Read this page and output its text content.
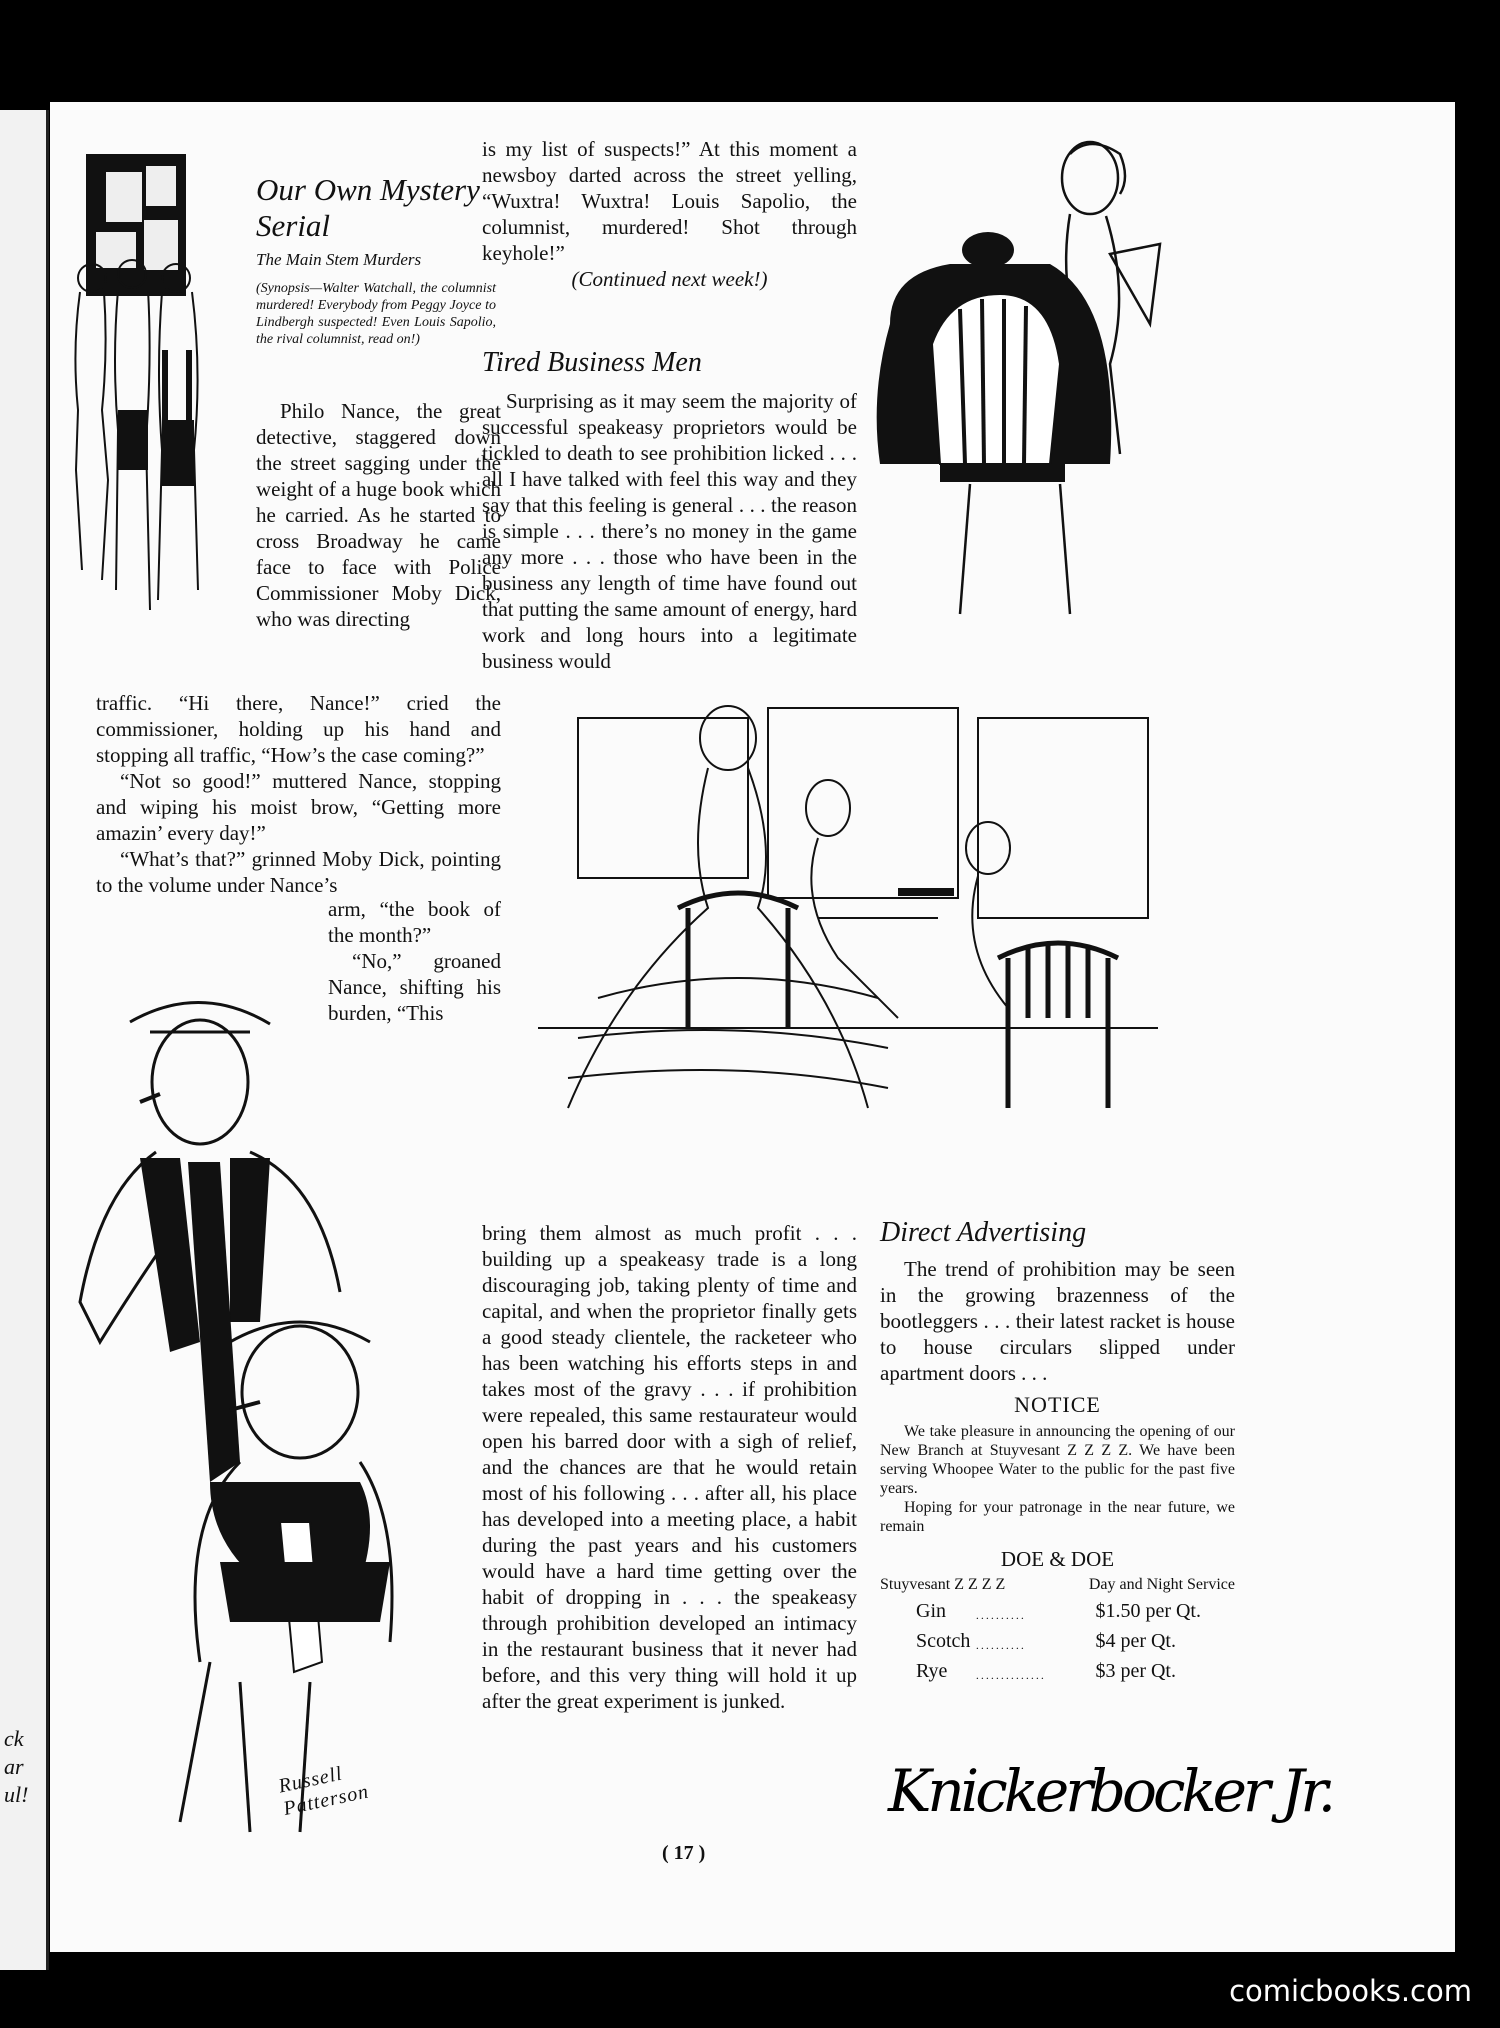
ck
ar
ul!
Our Own Mystery Serial
The Main Stem Murders
(Synopsis—Walter Watchall, the columnist murdered! Everybody from Peggy Joyce to Lindbergh suspected! Even Louis Sapolio, the rival columnist, read on!)

Philo Nance, the great detective, staggered down the street sagging under the weight of a huge book which he carried. As he started to cross Broadway he came face to face with Police Commissioner Moby Dick, who was directing

traffic. “Hi there, Nance!” cried the commissioner, holding up his hand and stopping all traffic, “How’s the case coming?”

“Not so good!” muttered Nance, stopping and wiping his moist brow, “Getting more amazin’ every day!”

“What’s that?” grinned Moby Dick, pointing to the volume under Nance’s

arm, “the book of the month?”

“No,” groaned Nance, shifting his burden, “This

Russell Patterson

is my list of suspects!” At this moment a newsboy darted across the street yelling, “Wuxtra! Wuxtra! Louis Sapolio, the columnist, murdered! Shot through keyhole!”

(Continued next week!)

Tired Business Men

Surprising as it may seem the majority of successful speakeasy proprietors would be tickled to death to see prohibition licked . . . all I have talked with feel this way and they say that this feeling is general . . . the reason is simple . . . there’s no money in the game any more . . . those who have been in the business any length of time have found out that putting the same amount of energy, hard work and long hours into a legitimate business would

bring them almost as much profit . . . building up a speakeasy trade is a long discouraging job, taking plenty of time and capital, and when the proprietor finally gets a good steady clientele, the racketeer who has been watching his efforts steps in and takes most of the gravy . . . if prohibition were repealed, this same restaurateur would open his barred door with a sigh of relief, and the chances are that he would retain most of his following . . . after all, his place has developed into a meeting place, a habit during the past years and his customers would have a hard time getting over the habit of dropping in . . . the speakeasy through prohibition developed an intimacy in the restaurant business that it never had before, and this very thing will hold it up after the great experiment is junked.

Direct Advertising

The trend of prohibition may be seen in the growing brazenness of the bootleggers . . . their latest racket is house to house circulars slipped under apartment doors . . .

NOTICE

We take pleasure in announcing the opening of our New Branch at Stuyvesant Z Z Z Z. We have been serving Whoopee Water to the public for the past five years.

Hoping for your patronage in the near future, we remain

DOE & DOE
Stuyvesant Z Z Z Z	Day and Night Service
Gin	..........	$1.50 per Qt.
Scotch ..........	$4 per Qt.
Rye	..............	$3 per Qt.
Knickerbocker Jr.
( 17 )
comicbooks.com
